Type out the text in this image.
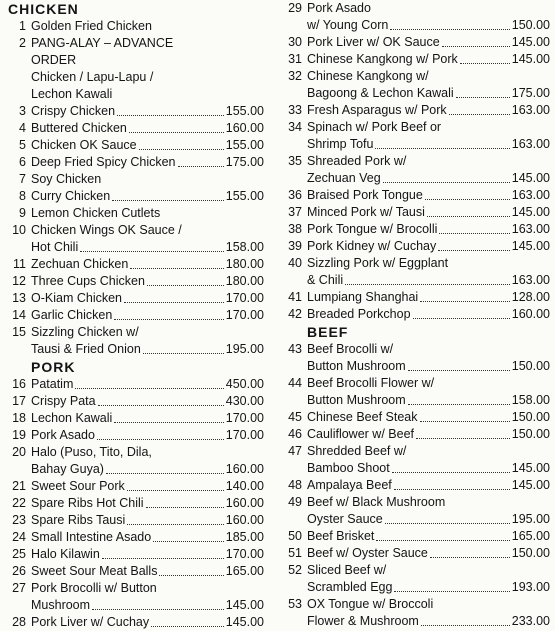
CHICKEN
1 Golden Fried Chicken
2 PANG-ALAY – ADVANCE
ORDER
Chicken / Lapu-Lapu /
Lechon Kawali
3 Crispy Chicken	155.00
4 Buttered Chicken	160.00
5 Chicken OK Sauce	155.00
6 Deep Fried Spicy Chicken	175.00
7 Soy Chicken
8 Curry Chicken	155.00
9 Lemon Chicken Cutlets
10 Chicken Wings OK Sauce /
Hot Chili	158.00
11 Zechuan Chicken	180.00
12 Three Cups Chicken	180.00
13 O-Kiam Chicken	170.00
14 Garlic Chicken	170.00
15 Sizzling Chicken w/
Tausi & Fried Onion	195.00
PORK
16 Patatim	450.00
17 Crispy Pata	430.00
18 Lechon Kawali	170.00
19 Pork Asado	170.00
20 Halo (Puso, Tito, Dila,
Bahay Guya)	160.00
21 Sweet Sour Pork	140.00
22 Spare Ribs Hot Chili	160.00
23 Spare Ribs Tausi	160.00
24 Small Intestine Asado	185.00
25 Halo Kilawin	170.00
26 Sweet Sour Meat Balls	165.00
27 Pork Brocolli w/ Button
Mushroom	145.00
28 Pork Liver w/ Cuchay	145.00
29 Pork Asado
w/ Young Corn	150.00
30 Pork Liver w/ OK Sauce	145.00
31 Chinese Kangkong w/ Pork	145.00
32 Chinese Kangkong w/
Bagoong & Lechon Kawali	175.00
33 Fresh Asparagus w/ Pork	163.00
34 Spinach w/ Pork Beef or
Shrimp Tofu	163.00
35 Shreaded Pork w/
Zechuan Veg	145.00
36 Braised Pork Tongue	163.00
37 Minced Pork w/ Tausi	145.00
38 Pork Tongue w/ Brocolli	163.00
39 Pork Kidney w/ Cuchay	145.00
40 Sizzling Pork w/ Eggplant
& Chili	163.00
41 Lumpiang Shanghai	128.00
42 Breaded Porkchop	160.00
BEEF
43 Beef Brocolli w/
Button Mushroom	150.00
44 Beef Brocolli Flower w/
Button Mushroom	158.00
45 Chinese Beef Steak	150.00
46 Cauliflower w/ Beef	150.00
47 Shredded Beef w/
Bamboo Shoot	145.00
48 Ampalaya Beef	145.00
49 Beef w/ Black Mushroom
Oyster Sauce	195.00
50 Beef Brisket	165.00
51 Beef w/ Oyster Sauce	150.00
52 Sliced Beef w/
Scrambled Egg	193.00
53 OX Tongue w/ Broccoli
Flower & Mushroom	233.00
